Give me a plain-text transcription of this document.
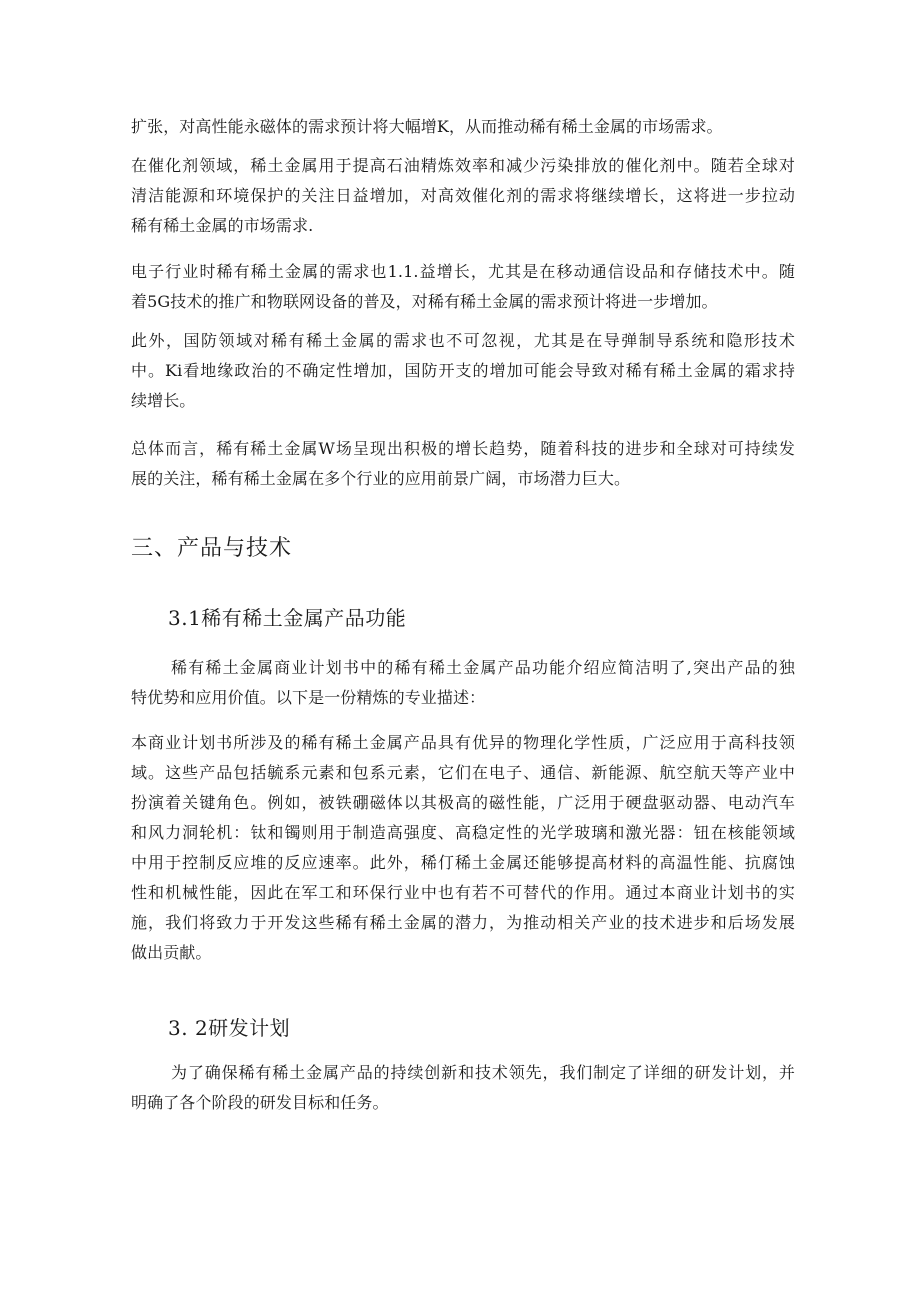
扩张，对高性能永磁体的需求预计将大幅增K，从而推动稀有稀土金属的市场需求。

在催化剂领域，稀土金属用于提高石油精炼效率和减少污染排放的催化剂中。随若全球对
清洁能源和环境保护的关注日益增加，对高效催化剂的需求将继续增长，这将进一步拉动
稀有稀土金属的市场需求.

电子行业时稀有稀土金属的需求也1.1.益增长，尤其是在移动通信设品和存储技术中。随
着5G技术的推广和物联网设备的普及，对稀有稀土金属的需求预计将进一步增加。

此外，国防领域对稀有稀土金属的需求也不可忽视，尤其是在导弹制导系统和隐形技术
中。Ki看地缘政治的不确定性增加，国防开支的增加可能会导致对稀有稀土金属的霜求持
续增长。

总体而言，稀有稀土金属W场呈现出积极的增长趋势，随着科技的进步和全球对可持续发
展的关注，稀有稀土金属在多个行业的应用前景广阔，市场潜力巨大。

三、产品与技术
3.1稀有稀土金属产品功能

稀有稀土金属商业计划书中的稀有稀土金属产品功能介绍应简洁明了,突出产品的独
特优势和应用价值。以下是一份精炼的专业描述：

本商业计划书所涉及的稀有稀土金属产品具有优异的物理化学性质，广泛应用于高科技领
域。这些产品包括毓系元素和包系元素，它们在电子、通信、新能源、航空航天等产业中
扮演着关键角色。例如，被铁硼磁体以其极高的磁性能，广泛用于硬盘驱动器、电动汽车
和风力洞轮机：钛和镯则用于制造高强度、高稳定性的光学玻璃和激光器：钮在核能领域
中用于控制反应堆的反应速率。此外，稀仃稀土金属还能够提高材料的高温性能、抗腐蚀
性和机械性能，因此在军工和环保行业中也有若不可替代的作用。通过本商业计划书的实
施，我们将致力于开发这些稀有稀土金属的潜力，为推动相关产业的技术进步和后场发展
做出贡献。

3. 2研发计划

为了确保稀有稀土金属产品的持续创新和技术领先，我们制定了详细的研发计划，并
明确了各个阶段的研发目标和任务。
